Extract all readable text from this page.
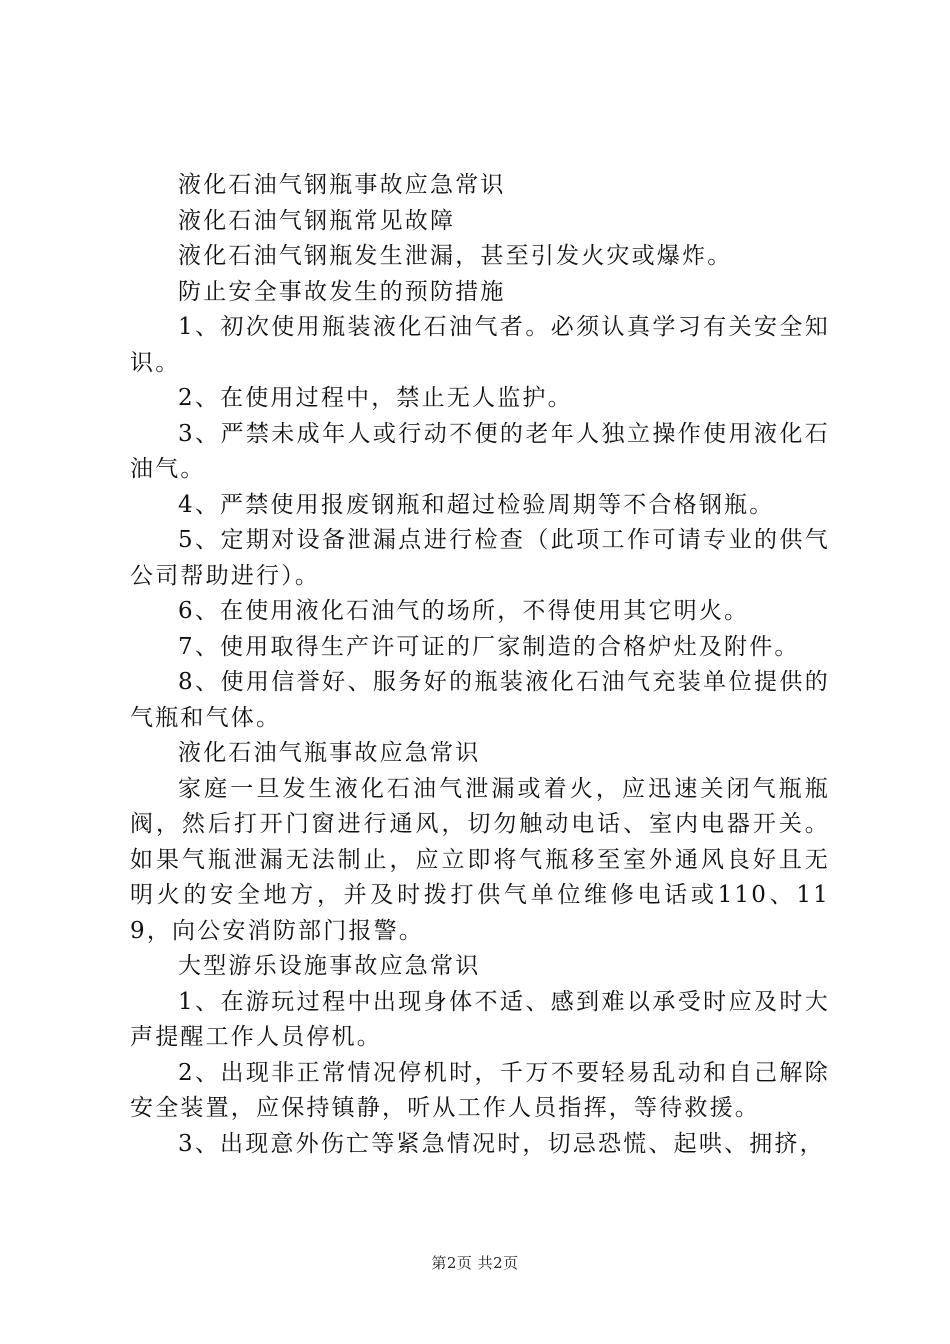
液化石油气钢瓶事故应急常识

液化石油气钢瓶常见故障

液化石油气钢瓶发生泄漏，甚至引发火灾或爆炸。

防止安全事故发生的预防措施

1、初次使用瓶装液化石油气者。必须认真学习有关安全知识。

2、在使用过程中，禁止无人监护。

3、严禁未成年人或行动不便的老年人独立操作使用液化石油气。

4、严禁使用报废钢瓶和超过检验周期等不合格钢瓶。

5、定期对设备泄漏点进行检查（此项工作可请专业的供气公司帮助进行）。

6、在使用液化石油气的场所，不得使用其它明火。

7、使用取得生产许可证的厂家制造的合格炉灶及附件。

8、使用信誉好、服务好的瓶装液化石油气充装单位提供的气瓶和气体。

液化石油气瓶事故应急常识

家庭一旦发生液化石油气泄漏或着火，应迅速关闭气瓶瓶阀，然后打开门窗进行通风，切勿触动电话、室内电器开关。如果气瓶泄漏无法制止，应立即将气瓶移至室外通风良好且无明火的安全地方，并及时拨打供气单位维修电话或110、119，向公安消防部门报警。

大型游乐设施事故应急常识

1、在游玩过程中出现身体不适、感到难以承受时应及时大声提醒工作人员停机。

2、出现非正常情况停机时，千万不要轻易乱动和自己解除安全装置，应保持镇静，听从工作人员指挥，等待救援。

3、出现意外伤亡等紧急情况时，切忌恐慌、起哄、拥挤，

第2页 共2页
